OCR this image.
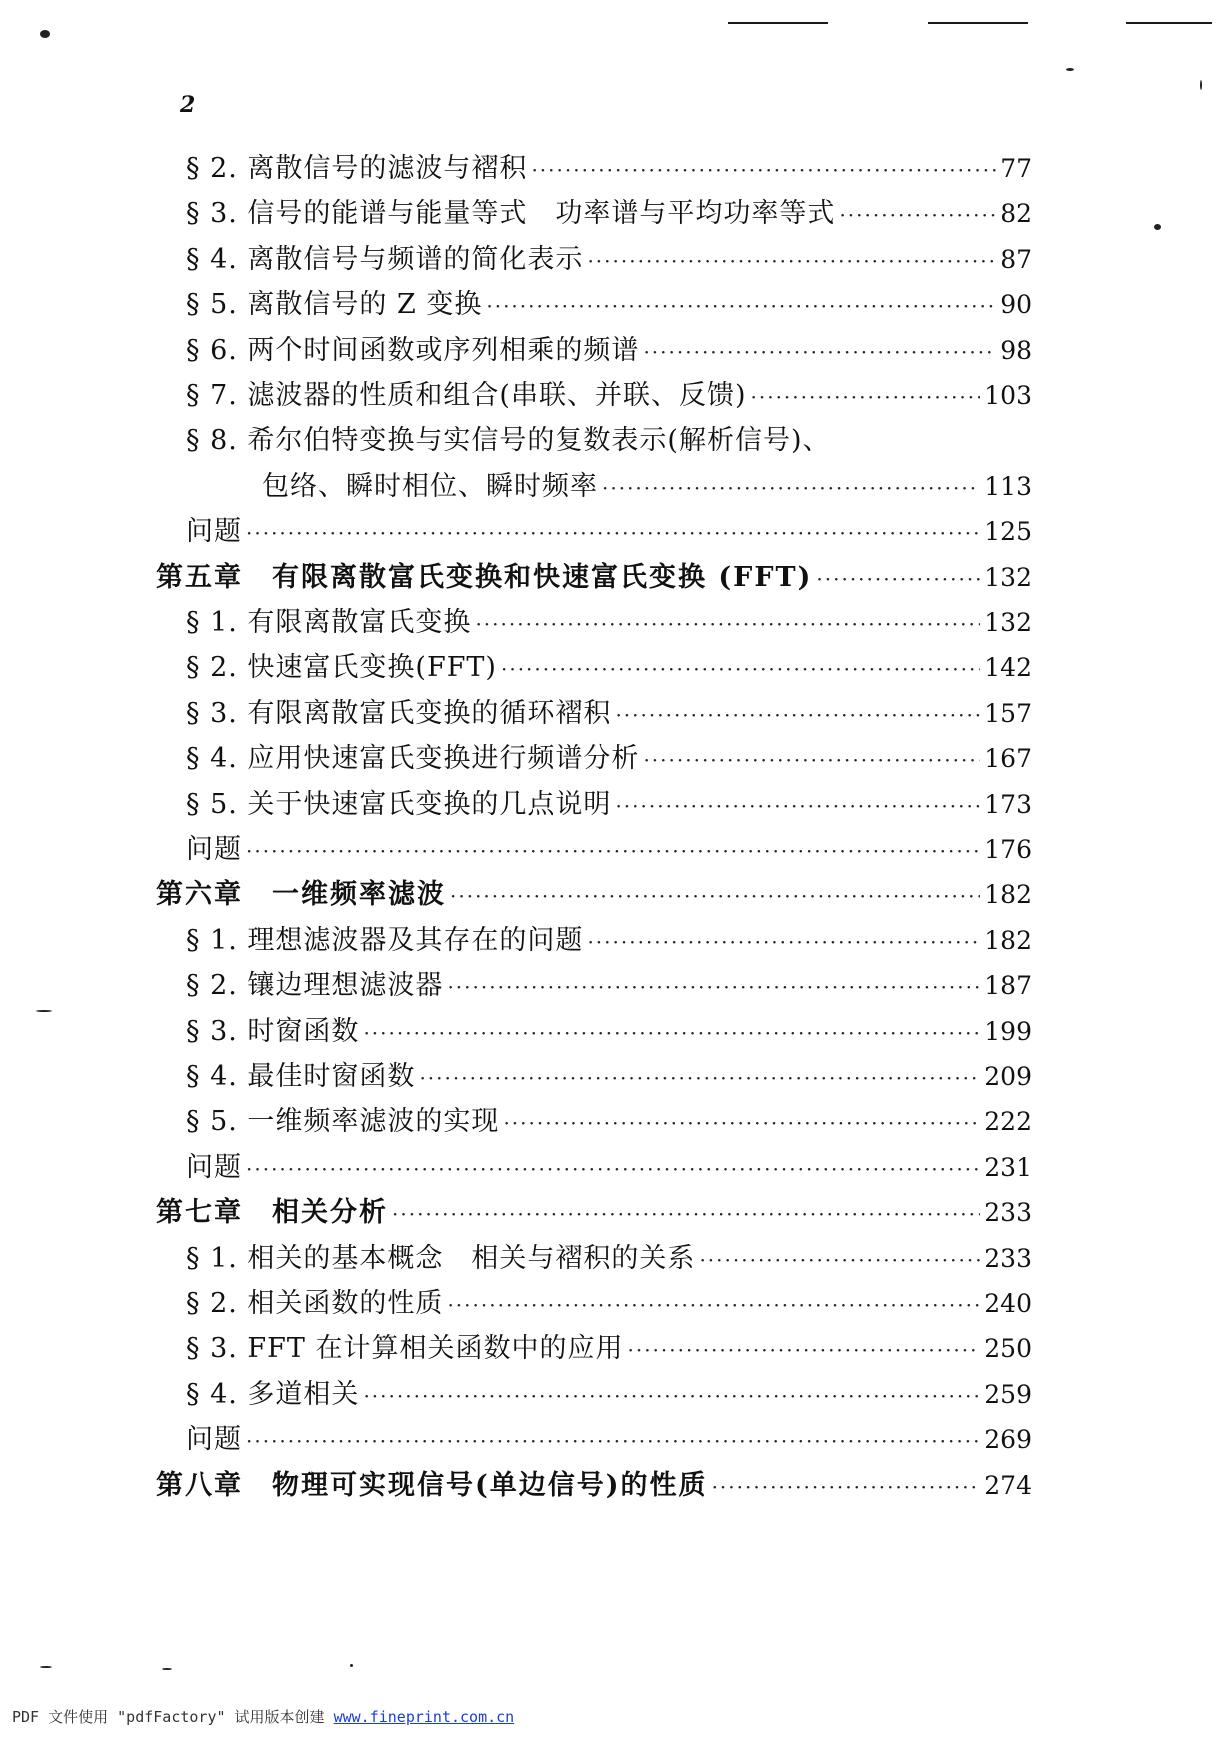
2
§ 2. 离散信号的滤波与褶积 ·····	77
§ 3. 信号的能谱与能量等式　功率谱与平均功率等式 ·····	82
§ 4. 离散信号与频谱的简化表示 ·····	87
§ 5. 离散信号的 Z 变换 ·····	90
§ 6. 两个时间函数或序列相乘的频谱 ·····	98
§ 7. 滤波器的性质和组合(串联、并联、反馈) ·····	103
§ 8. 希尔伯特变换与实信号的复数表示(解析信号)、
包络、瞬时相位、瞬时频率 ·····	113
问题 ·····	125
第五章　有限离散富氏变换和快速富氏变换 (FFT) ·····	132
§ 1. 有限离散富氏变换 ·····	132
§ 2. 快速富氏变换(FFT) ·····	142
§ 3. 有限离散富氏变换的循环褶积 ·····	157
§ 4. 应用快速富氏变换进行频谱分析 ·····	167
§ 5. 关于快速富氏变换的几点说明 ·····	173
问题 ·····	176
第六章　一维频率滤波 ·····	182
§ 1. 理想滤波器及其存在的问题 ·····	182
§ 2. 镶边理想滤波器 ·····	187
§ 3. 时窗函数 ·····	199
§ 4. 最佳时窗函数 ·····	209
§ 5. 一维频率滤波的实现 ·····	222
问题 ·····	231
第七章　相关分析 ·····	233
§ 1. 相关的基本概念　相关与褶积的关系 ·····	233
§ 2. 相关函数的性质 ·····	240
§ 3. FFT 在计算相关函数中的应用 ·····	250
§ 4. 多道相关 ·····	259
问题 ·····	269
第八章　物理可实现信号(单边信号)的性质 ·····	274
PDF 文件使用 "pdfFactory" 试用版本创建 www.fineprint.com.cn
